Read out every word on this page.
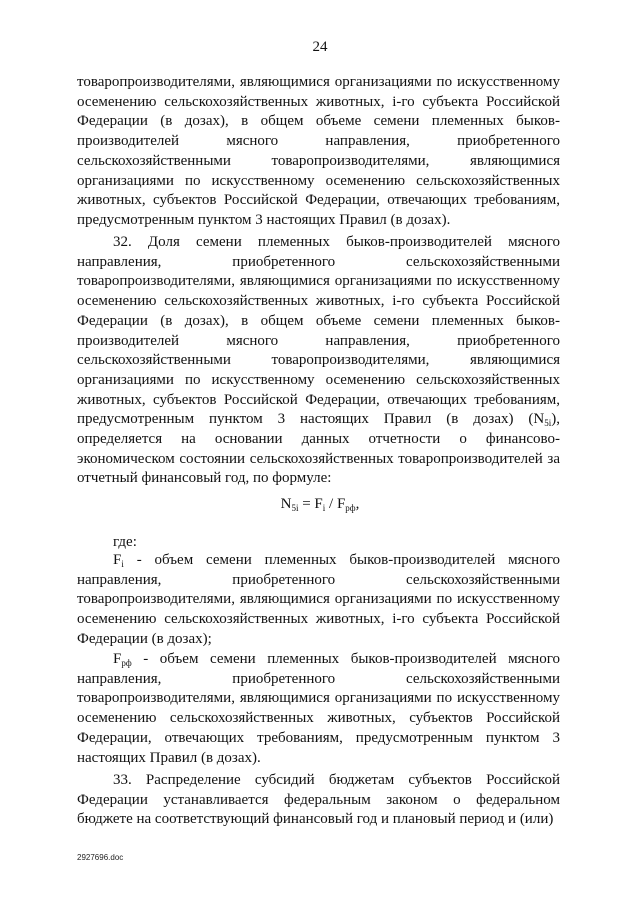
24

товаропроизводителями, являющимися организациями по искусственному осеменению сельскохозяйственных животных, i-го субъекта Российской Федерации (в дозах), в общем объеме семени племенных быков-производителей мясного направления, приобретенного сельскохозяйственными товаропроизводителями, являющимися организациями по искусственному осеменению сельскохозяйственных животных, субъектов Российской Федерации, отвечающих требованиям, предусмотренным пунктом 3 настоящих Правил (в дозах).

32. Доля семени племенных быков-производителей мясного направления, приобретенного сельскохозяйственными товаропроизводителями, являющимися организациями по искусственному осеменению сельскохозяйственных животных, i-го субъекта Российской Федерации (в дозах), в общем объеме семени племенных быков-производителей мясного направления, приобретенного сельскохозяйственными товаропроизводителями, являющимися организациями по искусственному осеменению сельскохозяйственных животных, субъектов Российской Федерации, отвечающих требованиям, предусмотренным пунктом 3 настоящих Правил (в дозах) $(N_{5i})$, определяется на основании данных отчетности о финансово-экономическом состоянии сельскохозяйственных товаропроизводителей за отчетный финансовый год, по формуле:

$N_{5i} = F_i / F_{рф}$,

где:

$F_i$ - объем семени племенных быков-производителей мясного направления, приобретенного сельскохозяйственными товаропроизводителями, являющимися организациями по искусственному осеменению сельскохозяйственных животных, i-го субъекта Российской Федерации (в дозах);

$F_{рф}$ - объем семени племенных быков-производителей мясного направления, приобретенного сельскохозяйственными товаропроизводителями, являющимися организациями по искусственному осеменению сельскохозяйственных животных, субъектов Российской Федерации, отвечающих требованиям, предусмотренным пунктом 3 настоящих Правил (в дозах).

33. Распределение субсидий бюджетам субъектов Российской Федерации устанавливается федеральным законом о федеральном бюджете на соответствующий финансовый год и плановый период и (или)

2927696.doc
